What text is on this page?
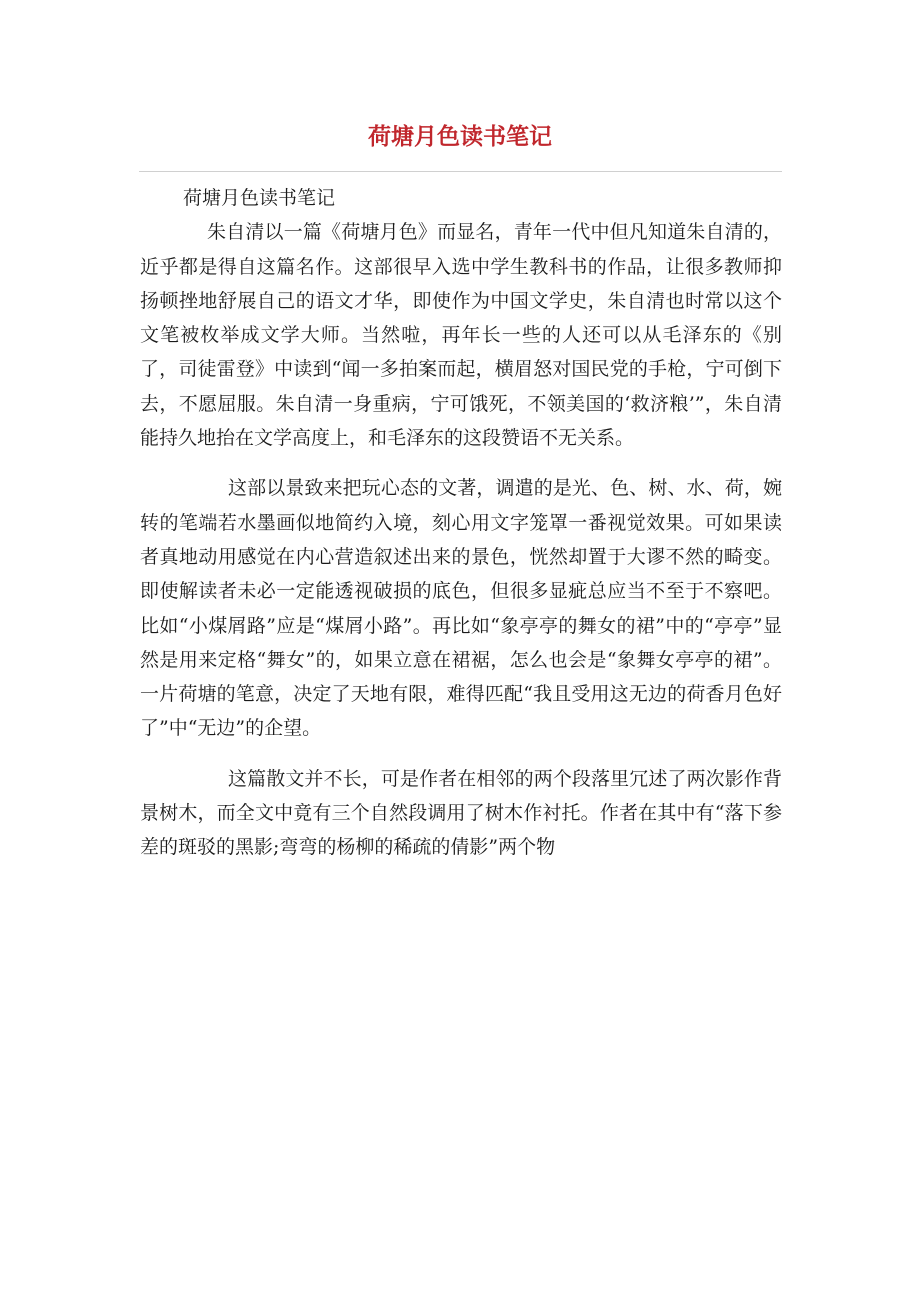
荷塘月色读书笔记

荷塘月色读书笔记

朱自清以一篇《荷塘月色》而显名，青年一代中但凡知道朱自清的，近乎都是得自这篇名作。这部很早入选中学生教科书的作品，让很多教师抑扬顿挫地舒展自己的语文才华，即使作为中国文学史，朱自清也时常以这个文笔被枚举成文学大师。当然啦，再年长一些的人还可以从毛泽东的《别了，司徒雷登》中读到“闻一多拍案而起，横眉怒对国民党的手枪，宁可倒下去，不愿屈服。朱自清一身重病，宁可饿死，不领美国的‘救济粮’”，朱自清能持久地抬在文学高度上，和毛泽东的这段赞语不无关系。

这部以景致来把玩心态的文著，调遣的是光、色、树、水、荷，婉转的笔端若水墨画似地简约入境，刻心用文字笼罩一番视觉效果。可如果读者真地动用感觉在内心营造叙述出来的景色，恍然却置于大谬不然的畸变。即使解读者未必一定能透视破损的底色，但很多显疵总应当不至于不察吧。比如“小煤屑路”应是“煤屑小路”。再比如“象亭亭的舞女的裙”中的“亭亭”显然是用来定格“舞女”的，如果立意在裙裾，怎么也会是“象舞女亭亭的裙”。一片荷塘的笔意，决定了天地有限，难得匹配“我且受用这无边的荷香月色好了”中“无边”的企望。

这篇散文并不长，可是作者在相邻的两个段落里冗述了两次影作背景树木，而全文中竟有三个自然段调用了树木作衬托。作者在其中有“落下参差的斑驳的黑影;弯弯的杨柳的稀疏的倩影”两个物
